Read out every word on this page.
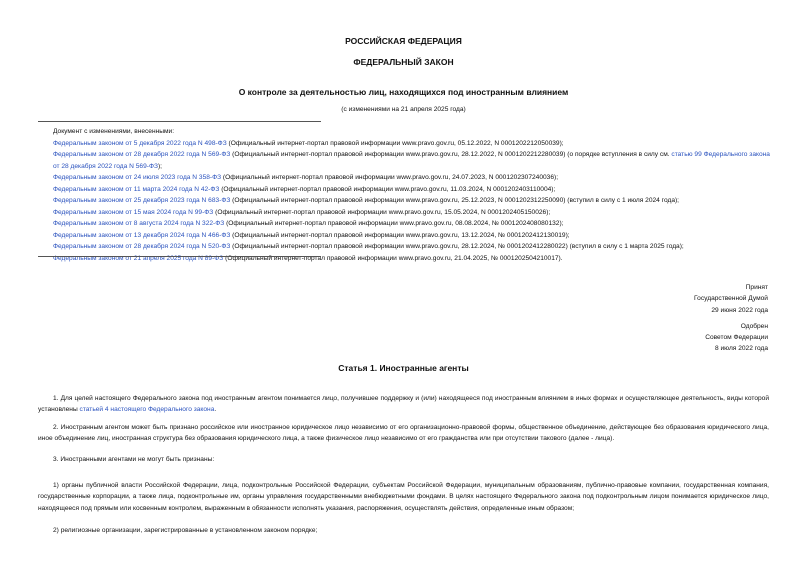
РОССИЙСКАЯ ФЕДЕРАЦИЯ
ФЕДЕРАЛЬНЫЙ ЗАКОН
О контроле за деятельностью лиц, находящихся под иностранным влиянием
(с изменениями на 21 апреля 2025 года)
Документ с изменениями, внесенными:
Федеральным законом от 5 декабря 2022 года N 498-ФЗ (Официальный интернет-портал правовой информации www.pravo.gov.ru, 05.12.2022, N 0001202212050039);
Федеральным законом от 28 декабря 2022 года N 569-ФЗ (Официальный интернет-портал правовой информации www.pravo.gov.ru, 28.12.2022, N 0001202212280039) (о порядке вступления в силу см. статью 99 Федерального закона от 28 декабря 2022 года N 569-ФЗ);
Федеральным законом от 24 июля 2023 года N 358-ФЗ (Официальный интернет-портал правовой информации www.pravo.gov.ru, 24.07.2023, N 0001202307240036);
Федеральным законом от 11 марта 2024 года N 42-ФЗ (Официальный интернет-портал правовой информации www.pravo.gov.ru, 11.03.2024, N 0001202403110004);
Федеральным законом от 25 декабря 2023 года N 683-ФЗ (Официальный интернет-портал правовой информации www.pravo.gov.ru, 25.12.2023, N 0001202312250090) (вступил в силу с 1 июля 2024 года);
Федеральным законом от 15 мая 2024 года N 99-ФЗ (Официальный интернет-портал правовой информации www.pravo.gov.ru, 15.05.2024, N 0001202405150026);
Федеральным законом от 8 августа 2024 года N 322-ФЗ (Официальный интернет-портал правовой информации www.pravo.gov.ru, 08.08.2024, № 0001202408080132);
Федеральным законом от 13 декабря 2024 года N 466-ФЗ (Официальный интернет-портал правовой информации www.pravo.gov.ru, 13.12.2024, № 0001202412130019);
Федеральным законом от 28 декабря 2024 года N 520-ФЗ (Официальный интернет-портал правовой информации www.pravo.gov.ru, 28.12.2024, № 0001202412280022) (вступил в силу с 1 марта 2025 года);
Федеральным законом от 21 апреля 2025 года N 89-ФЗ (Официальный интернет-портал правовой информации www.pravo.gov.ru, 21.04.2025, № 0001202504210017).
Принят
Государственной Думой
29 июня 2022 года
Одобрен
Советом Федерации
8 июля 2022 года
Статья 1. Иностранные агенты
1. Для целей настоящего Федерального закона под иностранным агентом понимается лицо, получившее поддержку и (или) находящееся под иностранным влиянием в иных формах и осуществляющее деятельность, виды которой установлены статьей 4 настоящего Федерального закона.
2. Иностранным агентом может быть признано российское или иностранное юридическое лицо независимо от его организационно-правовой формы, общественное объединение, действующее без образования юридического лица, иное объединение лиц, иностранная структура без образования юридического лица, а также физическое лицо независимо от его гражданства или при отсутствии такового (далее - лица).
3. Иностранными агентами не могут быть признаны:
1) органы публичной власти Российской Федерации, лица, подконтрольные Российской Федерации, субъектам Российской Федерации, муниципальным образованиям, публично-правовые компании, государственная компания, государственные корпорации, а также лица, подконтрольные им, органы управления государственными внебюджетными фондами. В целях настоящего Федерального закона под подконтрольным лицом понимается юридическое лицо, находящееся под прямым или косвенным контролем, выраженным в обязанности исполнять указания, распоряжения, осуществлять действия, определенные иным образом;
2) религиозные организации, зарегистрированные в установленном законом порядке;
